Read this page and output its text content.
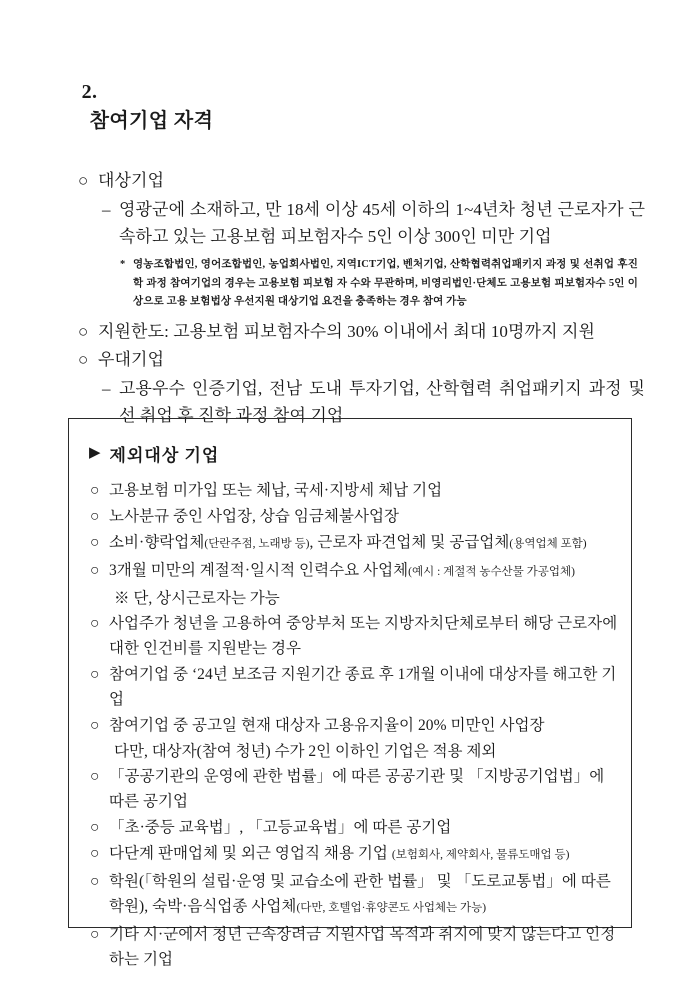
2.
참여기업 자격

○ 대상기업
– 영광군에 소재하고, 만 18세 이상 45세 이하의 1~4년차 청년 근로자가 근속하고 있는 고용보험 피보험자수 5인 이상 300인 미만 기업
* 영농조합법인, 영어조합법인, 농업회사법인, 지역ICT기업, 벤처기업, 산학협력취업패키지 과정 및 선취업 후진학 과정 참여기업의 경우는 고용보험 피보험 자 수와 무관하며, 비영리법인·단체도 고용보험 피보험자수 5인 이상으로 고용 보험법상 우선지원 대상기업 요건을 충족하는 경우 참여 가능
○ 지원한도: 고용보험 피보험자수의 30% 이내에서 최대 10명까지 지원
○ 우대기업
– 고용우수 인증기업, 전남 도내 투자기업, 산학협력 취업패키지 과정 및 선 취업 후 진학 과정 참여 기업
▶ 제외대상 기업
○ 고용보험 미가입 또는 체납, 국세·지방세 체납 기업
○ 노사분규 중인 사업장, 상습 임금체불사업장
○ 소비·향락업체(단란주점, 노래방 등), 근로자 파견업체 및 공급업체(용역업체 포함)
○ 3개월 미만의 계절적·일시적 인력수요 사업체(예시 : 계절적 농수산물 가공업체)
※ 단, 상시근로자는 가능
○ 사업주가 청년을 고용하여 중앙부처 또는 지방자치단체로부터 해당 근로자에 대한 인건비를 지원받는 경우
○ 참여기업 중 ‘24년 보조금 지원기간 종료 후 1개월 이내에 대상자를 해고한 기업
○ 참여기업 중 공고일 현재 대상자 고용유지율이 20% 미만인 사업장
다만, 대상자(참여 청년) 수가 2인 이하인 기업은 적용 제외
○ 「공공기관의 운영에 관한 법률」에 따른 공공기관 및 「지방공기업법」에 따른 공기업
○ 「초·중등 교육법」, 「고등교육법」에 따른 공기업
○ 다단계 판매업체 및 외근 영업직 채용 기업 (보험회사, 제약회사, 물류도매업 등)
○ 학원(「학원의 설립·운영 및 교습소에 관한 법률」 및 「도로교통법」에 따른 학원), 숙박·음식업종 사업체(다만, 호텔업·휴양콘도 사업체는 가능)
○ 기타 시·군에서 청년 근속장려금 지원사업 목적과 취지에 맞지 않는다고 인정하는 기업
